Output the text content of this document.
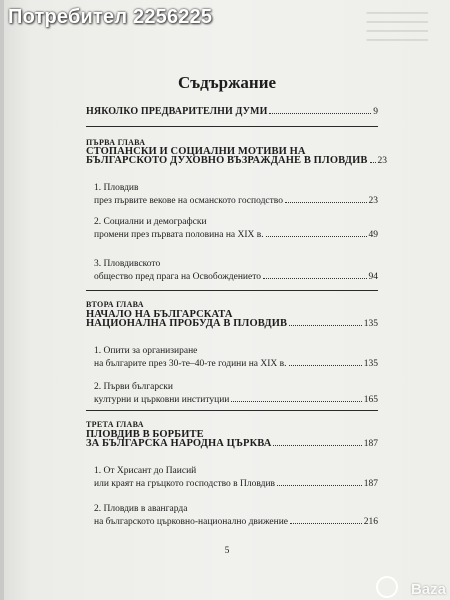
━━━━━━━━━━━━━━━━━
━━━━━━━━━━━━━━━━━
━━━━━━━━━━━━━━━━━
━━━━━━━━━━━━━━━━━
Съдържание
НЯКОЛКО ПРЕДВАРИТЕЛНИ ДУМИ	9
ПЪРВА ГЛАВА
СТОПАНСКИ И СОЦИАЛНИ МОТИВИ НА
БЪЛГАРСКОТО ДУХОВНО ВЪЗРАЖДАНЕ В ПЛОВДИВ 23
1. Пловдив
през първите векове на османското господство	23
2. Социални и демографски
промени през първата половина на XIX в.	49
3. Пловдивското
общество пред прага на Освобождението	94
ВТОРА ГЛАВА
НАЧАЛО НА БЪЛГАРСКАТА
НАЦИОНАЛНА ПРОБУДА В ПЛОВДИВ	135
1. Опити за организиране
на българите през 30-те–40-те години на XIX в.	135
2. Първи български
културни и църковни институции	165
ТРЕТА ГЛАВА
ПЛОВДИВ В БОРБИТЕ
ЗА БЪЛГАРСКА НАРОДНА ЦЪРКВА	187
1. От Хрисант до Паисий
или краят на гръцкото господство в Пловдив	187
2. Пловдив в авангарда
на българското църковно-национално движение	216
5
Потребител 2256225
Baza
